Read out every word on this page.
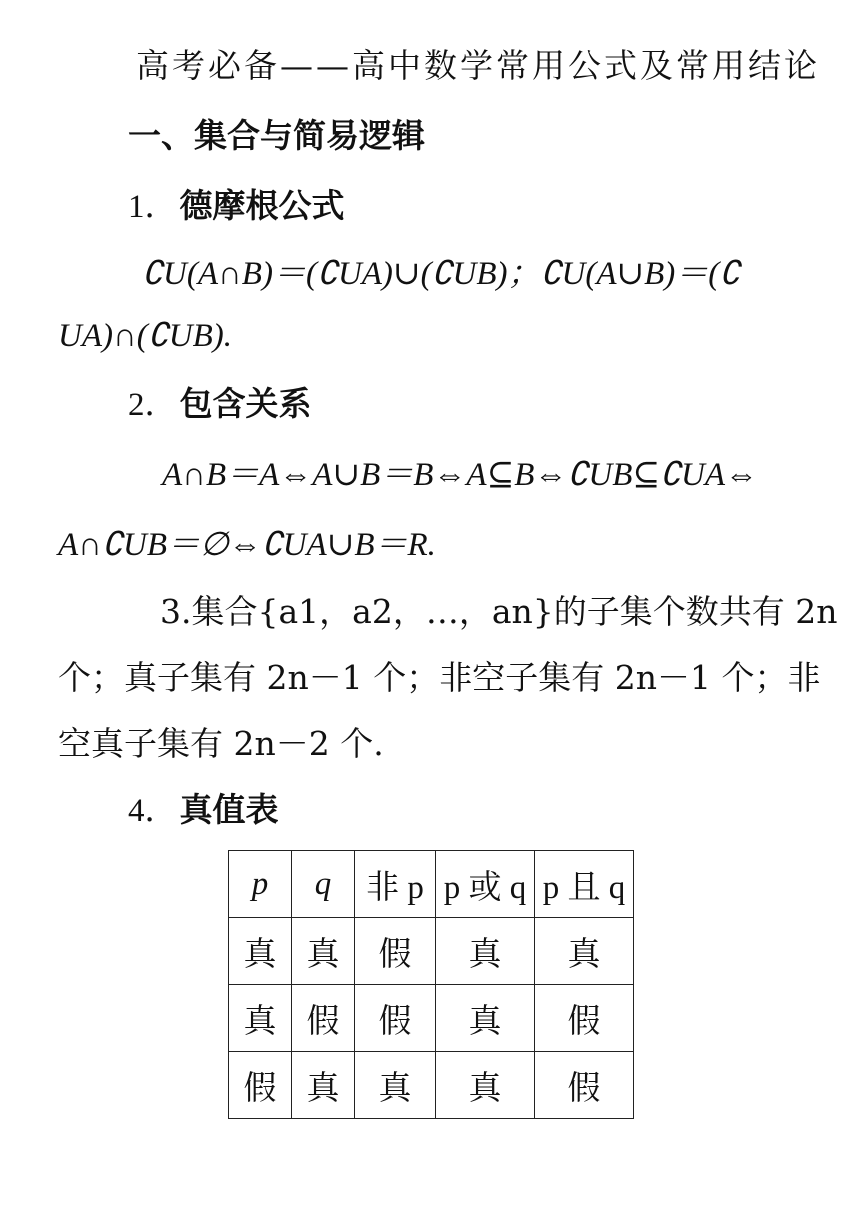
高考必备——高中数学常用公式及常用结论
一、集合与简易逻辑
1．德摩根公式
∁U(A∩B)＝(∁UA)∪(∁UB)；∁U(A∪B)＝(∁
UA)∩(∁UB).
2．包含关系
A∩B＝A⇔A∪B＝B⇔A⊆B⇔∁UB⊆∁UA⇔
A∩∁UB＝∅⇔∁UA∪B＝R.
3.集合{a1，a2，…，an}的子集个数共有 2n
个；真子集有 2n－1 个；非空子集有 2n－1 个；非
空真子集有 2n－2 个.
4．真值表
p	q	非 p	p 或 q	p 且 q
真	真	假	真	真
真	假	假	真	假
假	真	真	真	假
